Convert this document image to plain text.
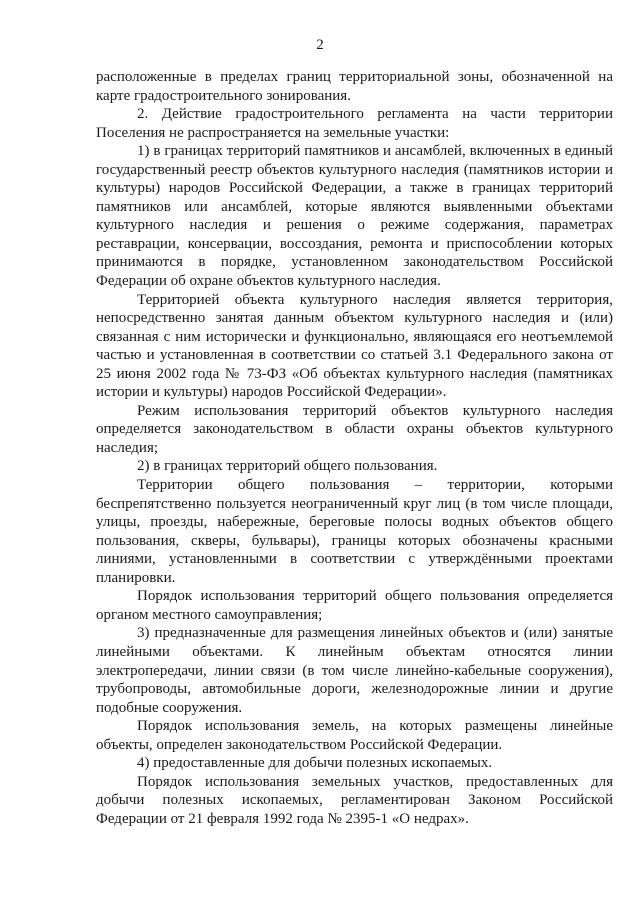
2

расположенные в пределах границ территориальной зоны, обозначенной на карте градостроительного зонирования.

2. Действие градостроительного регламента на части территории Поселения не распространяется на земельные участки:

1) в границах территорий памятников и ансамблей, включенных в единый государственный реестр объектов культурного наследия (памятников истории и культуры) народов Российской Федерации, а также в границах территорий памятников или ансамблей, которые являются выявленными объектами культурного наследия и решения о режиме содержания, параметрах реставрации, консервации, воссоздания, ремонта и приспособлении которых принимаются в порядке, установленном законодательством Российской Федерации об охране объектов культурного наследия.

Территорией объекта культурного наследия является территория, непосредственно занятая данным объектом культурного наследия и (или) связанная с ним исторически и функционально, являющаяся его неотъемлемой частью и установленная в соответствии со статьей 3.1 Федерального закона от 25 июня 2002 года № 73-ФЗ «Об объектах культурного наследия (памятниках истории и культуры) народов Российской Федерации».

Режим использования территорий объектов культурного наследия определяется законодательством в области охраны объектов культурного наследия;

2) в границах территорий общего пользования.

Территории общего пользования – территории, которыми беспрепятственно пользуется неограниченный круг лиц (в том числе площади, улицы, проезды, набережные, береговые полосы водных объектов общего пользования, скверы, бульвары), границы которых обозначены красными линиями, установленными в соответствии с утверждёнными проектами планировки.

Порядок использования территорий общего пользования определяется органом местного самоуправления;

3) предназначенные для размещения линейных объектов и (или) занятые линейными объектами. К линейным объектам относятся линии электропередачи, линии связи (в том числе линейно-кабельные сооружения), трубопроводы, автомобильные дороги, железнодорожные линии и другие подобные сооружения.

Порядок использования земель, на которых размещены линейные объекты, определен законодательством Российской Федерации.

4) предоставленные для добычи полезных ископаемых.

Порядок использования земельных участков, предоставленных для добычи полезных ископаемых, регламентирован Законом Российской Федерации от 21 февраля 1992 года № 2395-1 «О недрах».
